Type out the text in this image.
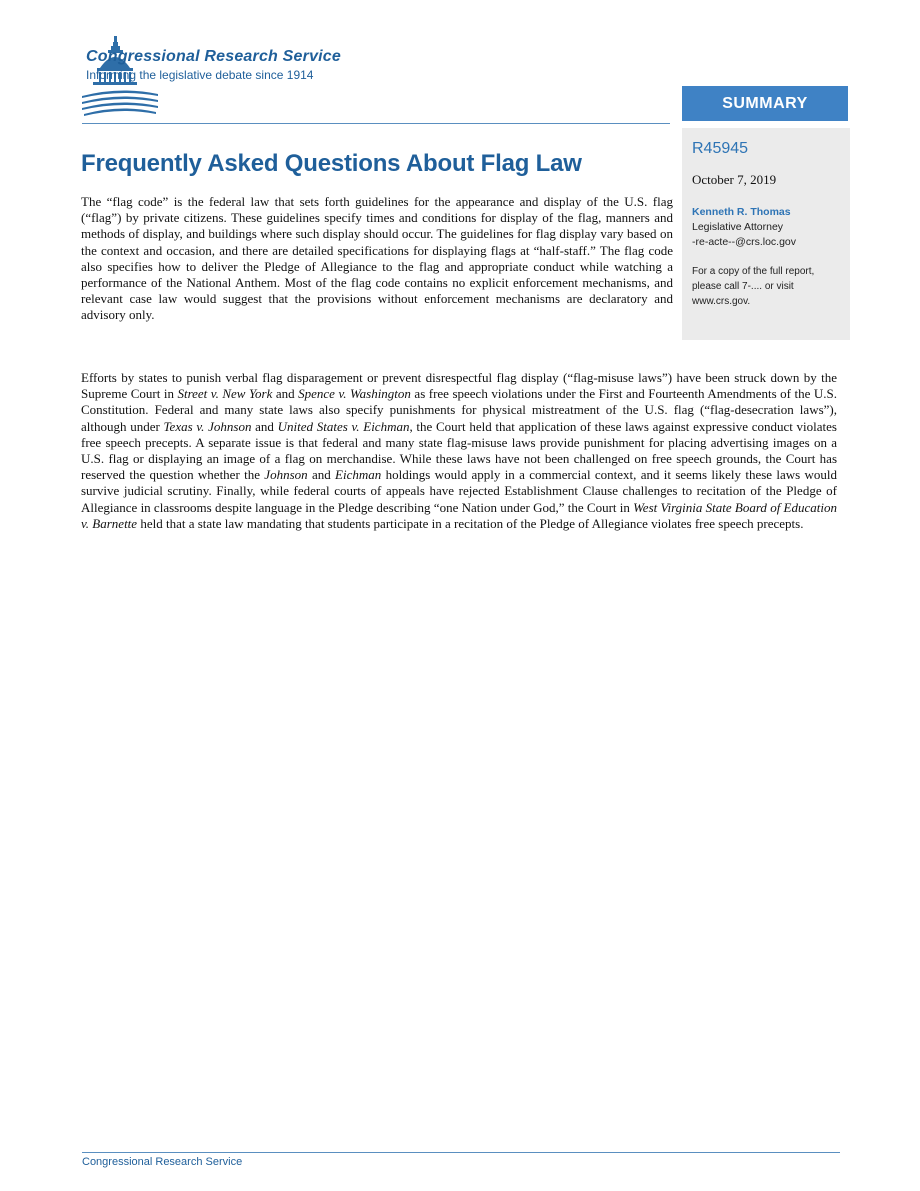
Congressional Research Service
Informing the legislative debate since 1914
SUMMARY

R45945

October 7, 2019

Kenneth R. Thomas

Legislative Attorney

-re-acte--@crs.loc.gov

For a copy of the full report,
please call 7-.... or visit
www.crs.gov.

Frequently Asked Questions About Flag Law

The “flag code” is the federal law that sets forth guidelines for the appearance and display of the U.S. flag (“flag”) by private citizens. These guidelines specify times and conditions for display of the flag, manners and methods of display, and buildings where such display should occur. The guidelines for flag display vary based on the context and occasion, and there are detailed specifications for displaying flags at “half-staff.” The flag code also specifies how to deliver the Pledge of Allegiance to the flag and appropriate conduct while watching a performance of the National Anthem. Most of the flag code contains no explicit enforcement mechanisms, and relevant case law would suggest that the provisions without enforcement mechanisms are declaratory and advisory only.

Efforts by states to punish verbal flag disparagement or prevent disrespectful flag display (“flag-misuse laws”) have been struck down by the Supreme Court in Street v. New York and Spence v. Washington as free speech violations under the First and Fourteenth Amendments of the U.S. Constitution. Federal and many state laws also specify punishments for physical mistreatment of the U.S. flag (“flag-desecration laws”), although under Texas v. Johnson and United States v. Eichman, the Court held that application of these laws against expressive conduct violates free speech precepts. A separate issue is that federal and many state flag-misuse laws provide punishment for placing advertising images on a U.S. flag or displaying an image of a flag on merchandise. While these laws have not been challenged on free speech grounds, the Court has reserved the question whether the Johnson and Eichman holdings would apply in a commercial context, and it seems likely these laws would survive judicial scrutiny. Finally, while federal courts of appeals have rejected Establishment Clause challenges to recitation of the Pledge of Allegiance in classrooms despite language in the Pledge describing “one Nation under God,” the Court in West Virginia State Board of Education v. Barnette held that a state law mandating that students participate in a recitation of the Pledge of Allegiance violates free speech precepts.

Congressional Research Service
